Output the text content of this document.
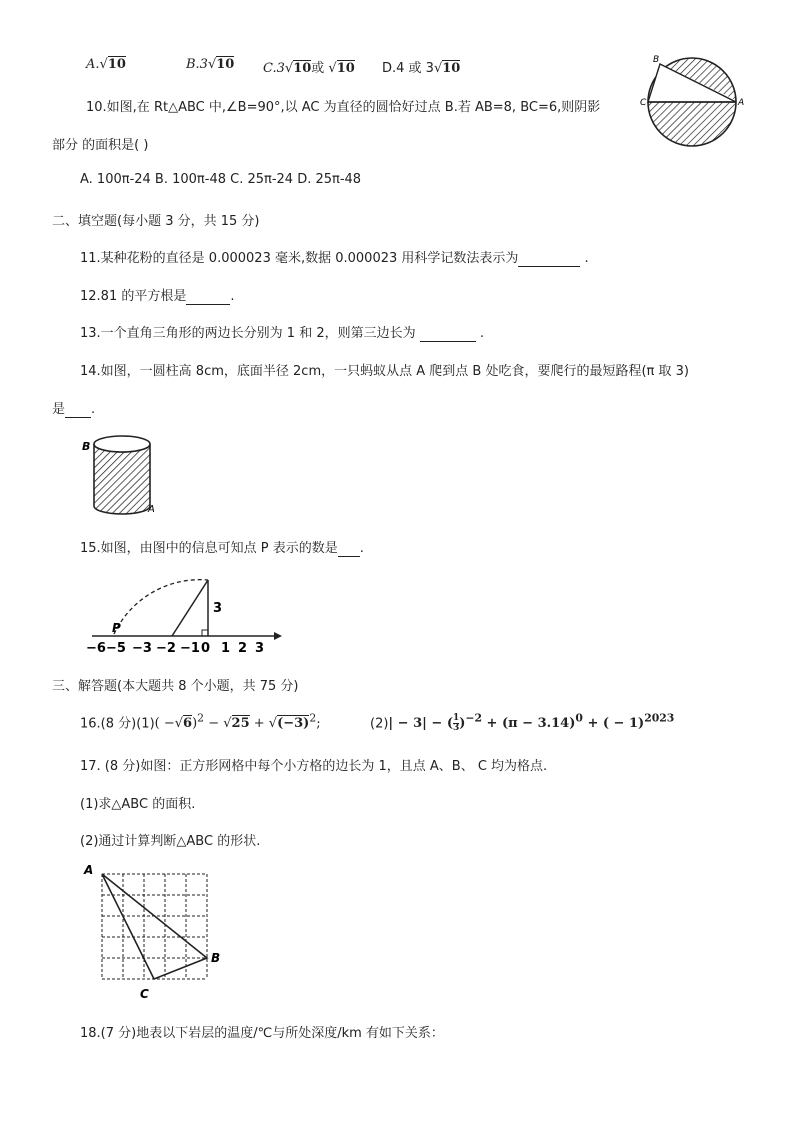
A.√10	B.3√10 C.3√10或 √10 D.4 或 3√10
B
C	A
10.如图,在 Rt△ABC 中,∠B=90°,以 AC 为直径的圆恰好过点 B.若 AB=8, BC=6,则阴影
部分 的面积是( )
A. 100π-24 B. 100π-48 C. 25π-24 D. 25π-48
二、填空题(每小题 3 分，共 15 分)
11.某种花粉的直径是 0.000023 毫米,数据 0.000023 用科学记数法表示为	.
12.81 的平方根是	.
13.一个直角三角形的两边长分别为 1 和 2，则第三边长为	.
14.如图，一圆柱高 8cm，底面半径 2cm，一只蚂蚁从点 A 爬到点 B 处吃食，要爬行的最短路程(π 取 3)
是 .
B
A
15.如图，由图中的信息可知点 P 表示的数是 .
3
P
−6 −5 −3 −2 −1 0 1 2 3
三、解答题(本大题共 8 个小题，共 75 分)
16.(8 分)$(1)( -√6)^2 - √25 + √(-3)^2$;	(2)| − 3| − ( $\frac{1}{3} )^{-2} + (\pi - 3.14)^0$ + ( − 1)$^{2023}$
17. (8 分)如图：正方形网格中每个小方格的边长为 1，且点 A、B、 C 均为格点.
(1)求△ABC 的面积.
(2)通过计算判断△ABC 的形状.
A
B
C
18.(7 分)地表以下岩层的温度/℃与所处深度/km 有如下关系：
